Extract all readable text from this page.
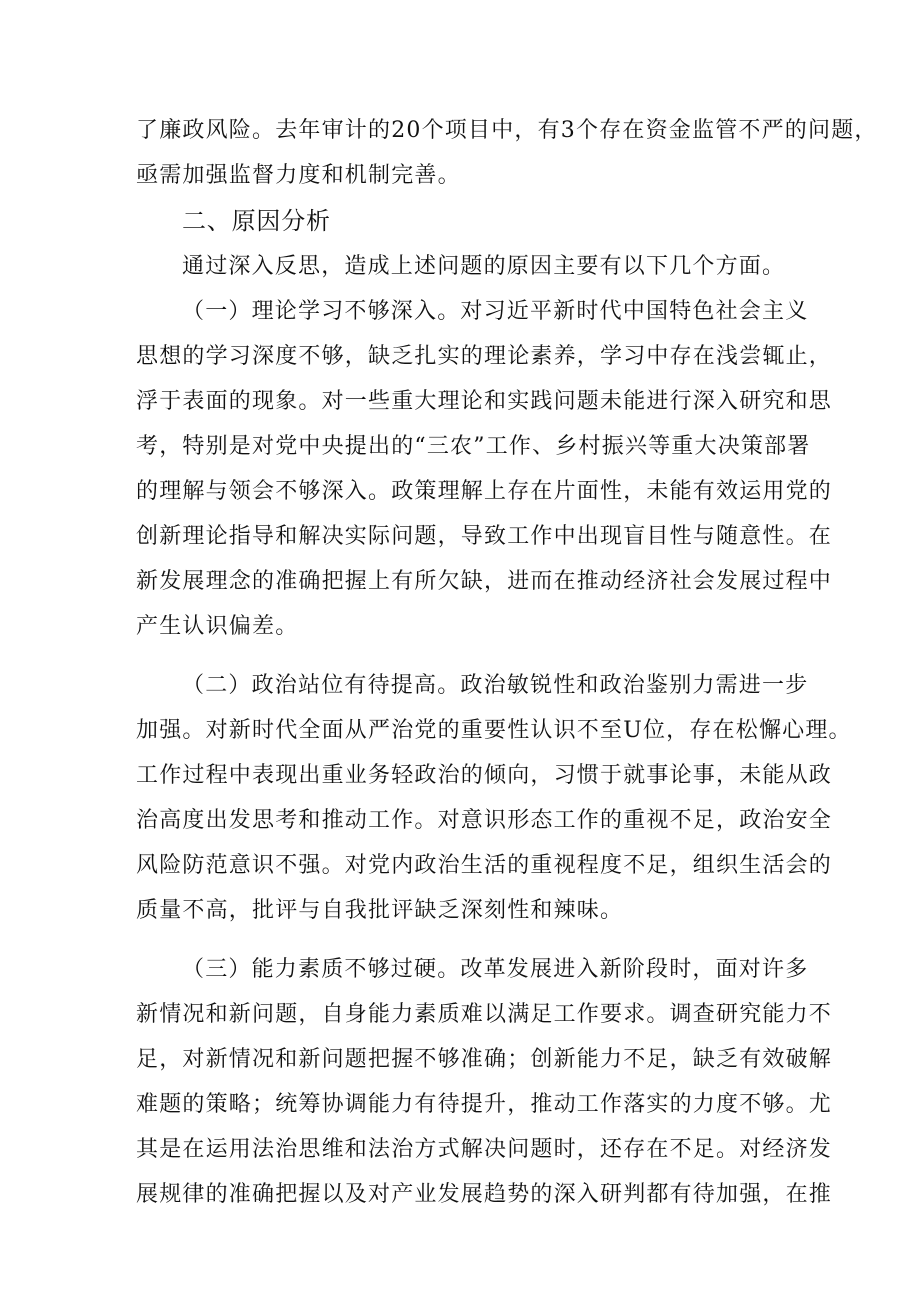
了廉政风险。去年审计的20个项目中，有3个存在资金监管不严的问题，
亟需加强监督力度和机制完善。
二、原因分析
通过深入反思，造成上述问题的原因主要有以下几个方面。
（一）理论学习不够深入。对习近平新时代中国特色社会主义
思想的学习深度不够，缺乏扎实的理论素养，学习中存在浅尝辄止，
浮于表面的现象。对一些重大理论和实践问题未能进行深入研究和思
考，特别是对党中央提出的“三农”工作、乡村振兴等重大决策部署
的理解与领会不够深入。政策理解上存在片面性，未能有效运用党的
创新理论指导和解决实际问题，导致工作中出现盲目性与随意性。在
新发展理念的准确把握上有所欠缺，进而在推动经济社会发展过程中
产生认识偏差。
（二）政治站位有待提高。政治敏锐性和政治鉴别力需进一步
加强。对新时代全面从严治党的重要性认识不至U位，存在松懈心理。
工作过程中表现出重业务轻政治的倾向，习惯于就事论事，未能从政
治高度出发思考和推动工作。对意识形态工作的重视不足，政治安全
风险防范意识不强。对党内政治生活的重视程度不足，组织生活会的
质量不高，批评与自我批评缺乏深刻性和辣味。
（三）能力素质不够过硬。改革发展进入新阶段时，面对许多
新情况和新问题，自身能力素质难以满足工作要求。调查研究能力不
足，对新情况和新问题把握不够准确；创新能力不足，缺乏有效破解
难题的策略；统筹协调能力有待提升，推动工作落实的力度不够。尤
其是在运用法治思维和法治方式解决问题时，还存在不足。对经济发
展规律的准确把握以及对产业发展趋势的深入研判都有待加强，在推
